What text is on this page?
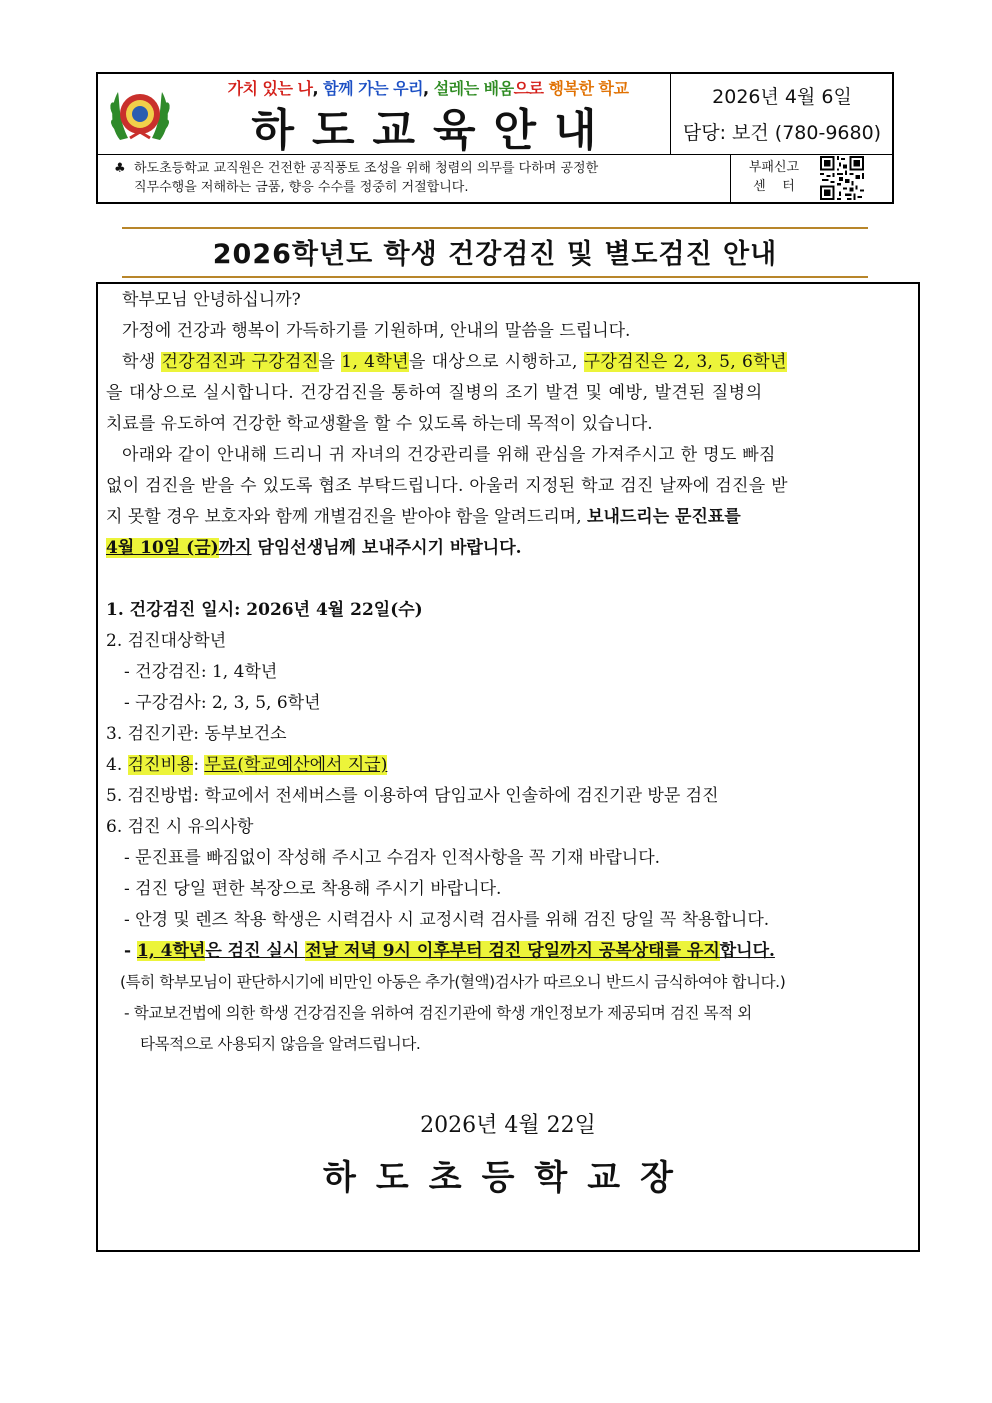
가치 있는 나, 함께 가는 우리, 설레는 배움으로 행복한 학교
하도교육안내
2026년 4월 6일
담당: 보건 (780-9680)
♣ 하도초등학교 교직원은 건전한 공직풍토 조성을 위해 청렴의 의무를 다하며 공정한
직무수행을 저해하는 금품, 향응 수수를 정중히 거절합니다.
부패신고
센    터
2026학년도 학생 건강검진 및 별도검진 안내
학부모님 안녕하십니까?
가정에 건강과 행복이 가득하기를 기원하며, 안내의 말씀을 드립니다.
학생 건강검진과 구강검진을 1, 4학년을 대상으로 시행하고, 구강검진은 2, 3, 5, 6학년
을 대상으로 실시합니다. 건강검진을 통하여 질병의 조기 발견 및 예방, 발견된 질병의
치료를 유도하여 건강한 학교생활을 할 수 있도록 하는데 목적이 있습니다.
아래와 같이 안내해 드리니 귀 자녀의 건강관리를 위해 관심을 가져주시고 한 명도 빠짐
없이 검진을 받을 수 있도록 협조 부탁드립니다. 아울러 지정된 학교 검진 날짜에 검진을 받
지 못할 경우 보호자와 함께 개별검진을 받아야 함을 알려드리며, 보내드리는 문진표를
4월 10일 (금)까지 담임선생님께 보내주시기 바랍니다.
1. 건강검진 일시: 2026년 4월 22일(수)
2. 검진대상학년
- 건강검진: 1, 4학년
- 구강검사: 2, 3, 5, 6학년
3. 검진기관: 동부보건소
4. 검진비용: 무료(학교예산에서 지급)
5. 검진방법: 학교에서 전세버스를 이용하여 담임교사 인솔하에 검진기관 방문 검진
6. 검진 시 유의사항
- 문진표를 빠짐없이 작성해 주시고 수검자 인적사항을 꼭 기재 바랍니다.
- 검진 당일 편한 복장으로 착용해 주시기 바랍니다.
- 안경 및 렌즈 착용 학생은 시력검사 시 교정시력 검사를 위해 검진 당일 꼭 착용합니다.
- 1, 4학년은 검진 실시 전날 저녁 9시 이후부터 검진 당일까지 공복상태를 유지합니다.
(특히 학부모님이 판단하시기에 비만인 아동은 추가(혈액)검사가 따르오니 반드시 금식하여야 합니다.)
- 학교보건법에 의한 학생 건강검진을 위하여 검진기관에 학생 개인정보가 제공되며 검진 목적 외
타목적으로 사용되지 않음을 알려드립니다.
2026년 4월 22일
하도초등학교장
